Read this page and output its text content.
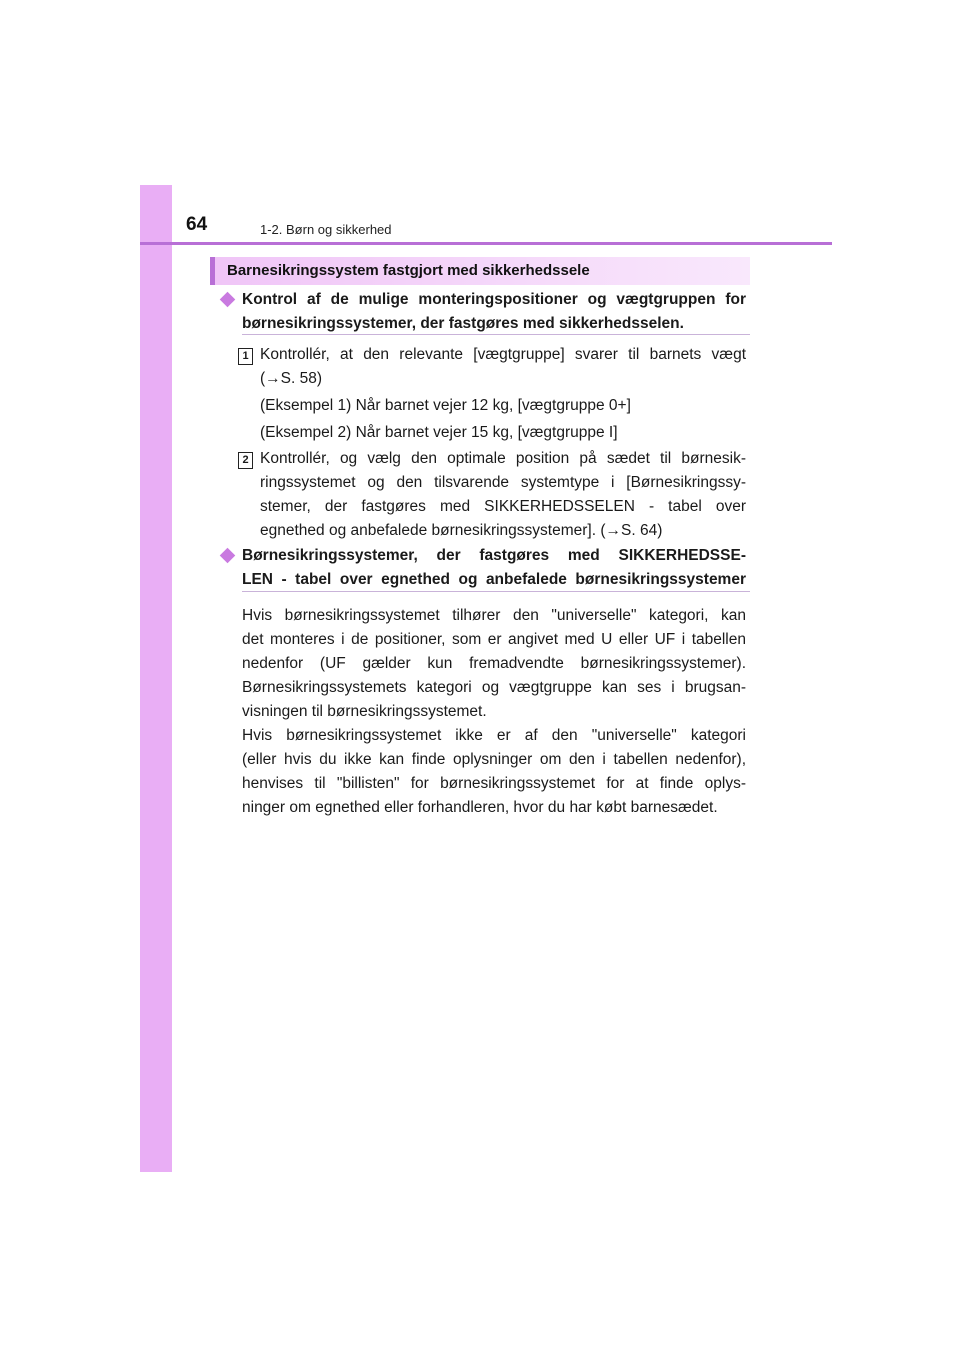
64	1-2. Børn og sikkerhed
Barnesikringssystem fastgjort med sikkerhedssele
Kontrol af de mulige monteringspositioner og vægtgruppen for
børnesikringssystemer, der fastgøres med sikkerhedsselen.
1 Kontrollér, at den relevante [vægtgruppe] svarer til barnets vægt
(→S. 58)
(Eksempel 1) Når barnet vejer 12 kg, [vægtgruppe 0+]
(Eksempel 2) Når barnet vejer 15 kg, [vægtgruppe I]
2 Kontrollér, og vælg den optimale position på sædet til børnesik-
ringssystemet og den tilsvarende systemtype i [Børnesikringssy-
stemer, der fastgøres med SIKKERHEDSSELEN - tabel over
egnethed og anbefalede børnesikringssystemer]. (→S. 64)
Børnesikringssystemer, der fastgøres med SIKKERHEDSSE-
LEN - tabel over egnethed og anbefalede børnesikringssystemer
Hvis børnesikringssystemet tilhører den "universelle" kategori, kan
det monteres i de positioner, som er angivet med U eller UF i tabellen
nedenfor (UF gælder kun fremadvendte børnesikringssystemer).
Børnesikringssystemets kategori og vægtgruppe kan ses i brugsan-
visningen til børnesikringssystemet.
Hvis børnesikringssystemet ikke er af den "universelle" kategori
(eller hvis du ikke kan finde oplysninger om den i tabellen nedenfor),
henvises til "billisten" for børnesikringssystemet for at finde oplys-
ninger om egnethed eller forhandleren, hvor du har købt barnesædet.
